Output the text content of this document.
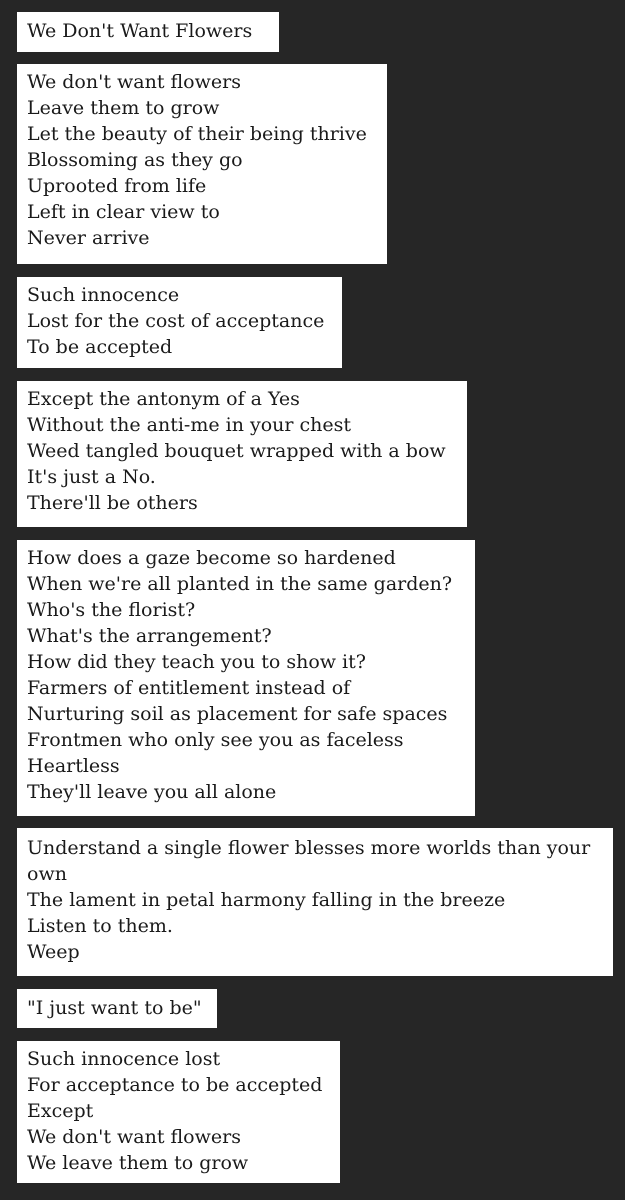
We Don't Want Flowers
We don't want flowers
Leave them to grow
Let the beauty of their being thrive
Blossoming as they go
Uprooted from life
Left in clear view to
Never arrive
Such innocence
Lost for the cost of acceptance
To be accepted
Except the antonym of a Yes
Without the anti-me in your chest
Weed tangled bouquet wrapped with a bow
It's just a No.
There'll be others
How does a gaze become so hardened
When we're all planted in the same garden?
Who's the florist?
What's the arrangement?
How did they teach you to show it?
Farmers of entitlement instead of
Nurturing soil as placement for safe spaces
Frontmen who only see you as faceless
Heartless
They'll leave you all alone
Understand a single flower blesses more worlds than your own
The lament in petal harmony falling in the breeze
Listen to them.
Weep
"I just want to be"
Such innocence lost
For acceptance to be accepted
Except
We don't want flowers
We leave them to grow
